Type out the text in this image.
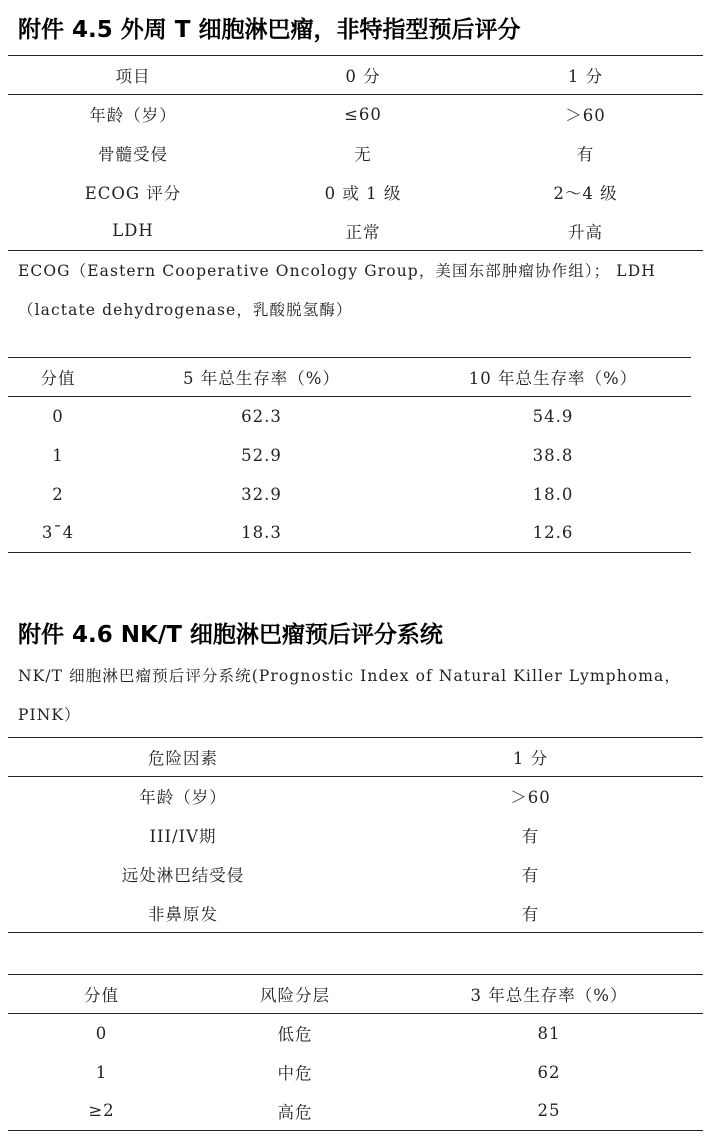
附件 4.5 外周 T 细胞淋巴瘤，非特指型预后评分
项目	0 分	1 分
年龄（岁）	≤60	＞60
骨髓受侵	无	有
ECOG 评分	0 或 1 级	2～4 级
LDH	正常	升高
ECOG（Eastern Cooperative Oncology Group，美国东部肿瘤协作组）； LDH
（lactate dehydrogenase，乳酸脱氢酶）
分值	5 年总生存率（%）	10 年总生存率（%）
0	62.3	54.9
1	52.9	38.8
2	32.9	18.0
3¯4	18.3	12.6
附件 4.6 NK/T 细胞淋巴瘤预后评分系统
NK/T 细胞淋巴瘤预后评分系统(Prognostic Index of Natural Killer Lymphoma，
PINK）
危险因素	1 分
年龄（岁）	＞60
III/IV期	有
远处淋巴结受侵	有
非鼻原发	有
分值	风险分层	3 年总生存率（%）
0	低危	81
1	中危	62
≥2	高危	25
